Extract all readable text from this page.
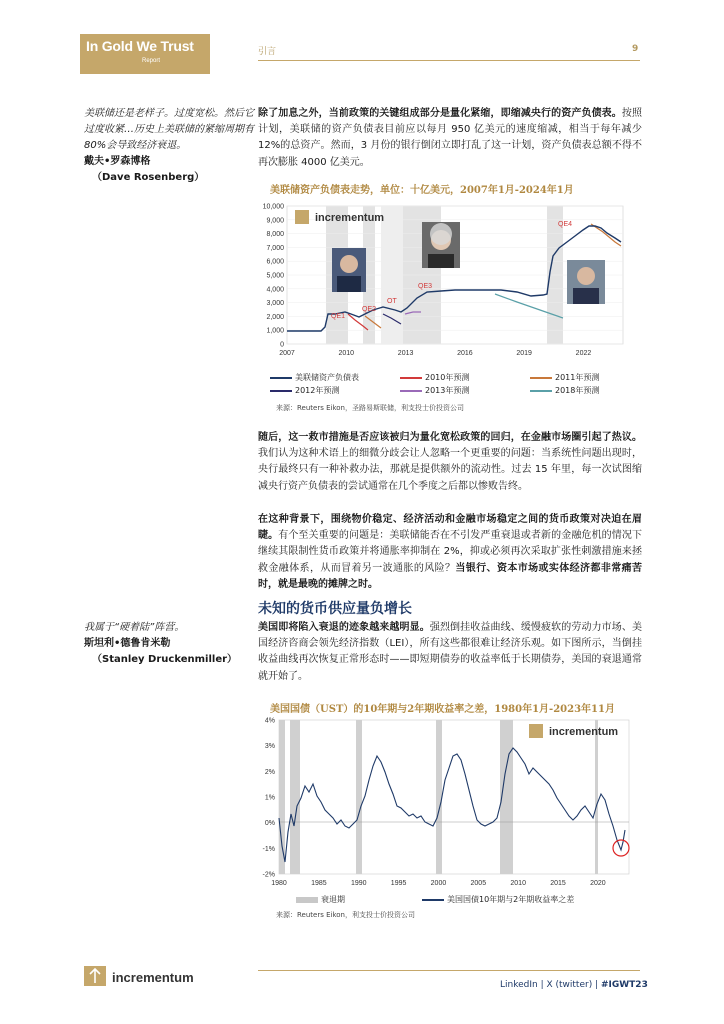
In Gold We Trust
Report
引言	9
美联储还是老样子。过度宽松。然后它过度收紧…历史上美联储的紧缩周期有 80%会导致经济衰退。
戴夫•罗森博格
（Dave Rosenberg）
除了加息之外，当前政策的关键组成部分是量化紧缩，即缩减央行的资产负债表。按照计划，美联储的资产负债表目前应以每月 950 亿美元的速度缩减，相当于每年减少 12%的总资产。然而，3 月份的银行倒闭立即打乱了这一计划，资产负债表总额不得不再次膨胀 4000 亿美元。
美联储资产负债表走势，单位：十亿美元，2007年1月-2024年1月
10,000
9,000
8,000
7,000
6,000
5,000
4,000
3,000
2,000
1,000
0
2007	2010	2013	2016	2019	2022
QE1
QE2
OT
QE3
QE4
incrementum
美联储资产负债表	2010年预测	2011年预测
2012年预测	2013年预测	2018年预测
来源：Reuters Eikon，圣路易斯联储，利支投士价投资公司
随后，这一救市措施是否应该被归为量化宽松政策的回归，在金融市场圈引起了热议。我们认为这种术语上的细微分歧会让人忽略一个更重要的问题：当系统性问题出现时，央行最终只有一种补救办法，那就是提供额外的流动性。过去 15 年里，每一次试图缩减央行资产负债表的尝试通常在几个季度之后都以惨败告终。
在这种背景下，围绕物价稳定、经济活动和金融市场稳定之间的货币政策对决迫在眉睫。有个至关重要的问题是：美联储能否在不引发严重衰退或者新的金融危机的情况下继续其限制性货币政策并将通胀率抑制在 2%，抑或必须再次采取扩张性刺激措施来拯救金融体系，从而冒着另一波通胀的风险？当银行、资本市场或实体经济都非常痛苦时，就是最晚的摊牌之时。
未知的货币供应量负增长
我属于“硬着陆”阵营。
斯坦利•德鲁肯米勒
（Stanley Druckenmiller）
美国即将陷入衰退的迹象越来越明显。强烈倒挂收益曲线、缓慢疲软的劳动力市场、美国经济咨商会领先经济指数（LEI），所有这些都很难让经济乐观。如下图所示，当倒挂收益曲线再次恢复正常形态时——即短期债券的收益率低于长期债券，美国的衰退通常就开始了。
美国国债（UST）的10年期与2年期收益率之差，1980年1月-2023年11月
4%
3%
2%
1%
0%
-1%
-2%
1980	1985	1990	1995	2000	2005	2010	2015	2020
incrementum
衰退期	美国国债10年期与2年期收益率之差
来源：Reuters Eikon，利支投士价投资公司
incrementum	LinkedIn | X (twitter) | #IGWT23
